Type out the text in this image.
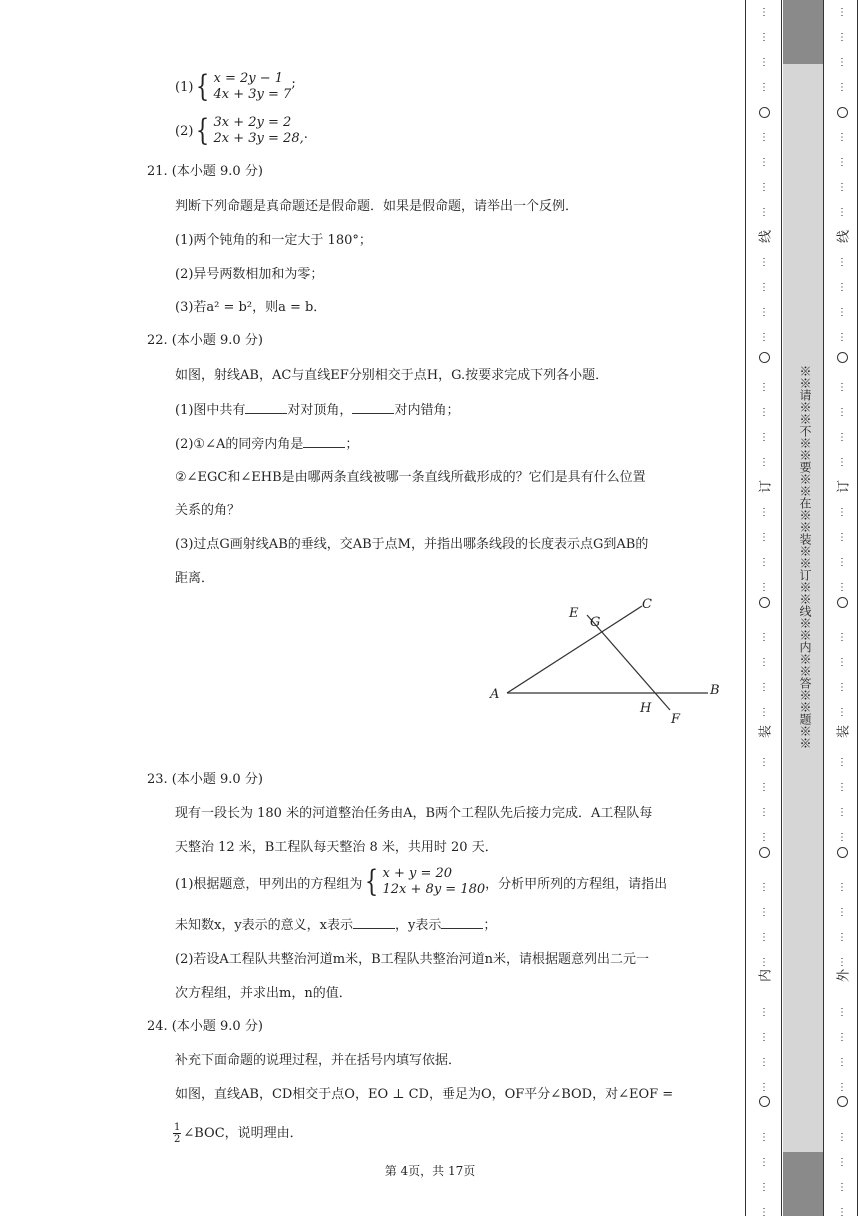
(1) { x = 2y − 1
4x + 3y = 7
;
(2) { 3x + 2y = 2
2x + 3y = 28, .
21. (本小题 9.0 分)
判断下列命题是真命题还是假命题．如果是假命题，请举出一个反例．
(1)两个钝角的和一定大于 180°；
(2)异号两数相加和为零；
(3)若a² = b²，则a = b．
22. (本小题 9.0 分)
如图，射线AB，AC与直线EF分别相交于点H，G.按要求完成下列各小题．
(1)图中共有	对对顶角，	对内错角；
(2)①∠A的同旁内角是	；
②∠EGC和∠EHB是由哪两条直线被哪一条直线所截形成的？它们是具有什么位置
关系的角？
(3)过点G画射线AB的垂线，交AB于点M，并指出哪条线段的长度表示点G到AB的
距离．
A	B
C
E
G
H
F
23. (本小题 9.0 分)
现有一段长为 180 米的河道整治任务由A，B两个工程队先后接力完成．A工程队每
天整治 12 米，B工程队每天整治 8 米，共用时 20 天．
(1)根据题意，甲列出的方程组为 { x + y = 20
12x + 8y = 180 ，分析甲所列的方程组，请指出
未知数x，y表示的意义，x表示	，y表示	；
(2)若设A工程队共整治河道m米，B工程队共整治河道n米，请根据题意列出二元一
次方程组，并求出m，n的值．
24. (本小题 9.0 分)
补充下面命题的说理过程，并在括号内填写依据．
如图，直线AB，CD相交于点O，EO ⊥ CD，垂足为O，OF平分∠BOD，对∠EOF =
$\frac{1}{2}$ ∠BOC，说明理由．
第 4页，共 17页
※※请※※不※※要※※在※※装※※订※※线※※内※※答※※题※※
⋮
⋮
⋮
⋮
⋮
⋮
⋮
⋮
⋮
⋮
⋮
⋮
⋮
⋮
⋮
⋮
⋮
⋮
⋮
⋮
⋮
⋮
⋮
⋮
⋮
⋮
⋮
⋮
⋮
⋮
⋮
⋮
⋮
⋮
⋮
⋮
⋮
⋮
⋮
⋮
线
订
装
内
⋮
⋮
⋮
⋮
⋮
⋮
⋮
⋮
⋮
⋮
⋮
⋮
⋮
⋮
⋮
⋮
⋮
⋮
⋮
⋮
⋮
⋮
⋮
⋮
⋮
⋮
⋮
⋮
⋮
⋮
⋮
⋮
⋮
⋮
⋮
⋮
⋮
⋮
⋮
⋮
线
订
装
外
